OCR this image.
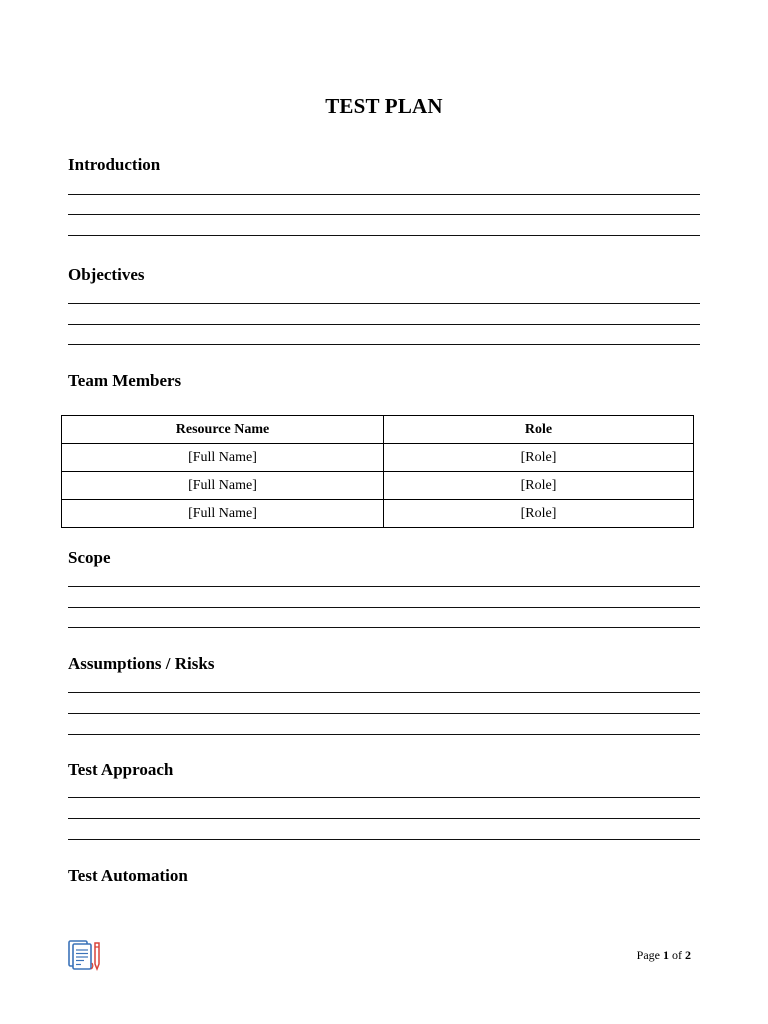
TEST PLAN
Introduction
Objectives
Team Members
Resource Name	Role
[Full Name]	[Role]
[Full Name]	[Role]
[Full Name]	[Role]
Scope
Assumptions / Risks
Test Approach
Test Automation
Page 1 of 2
